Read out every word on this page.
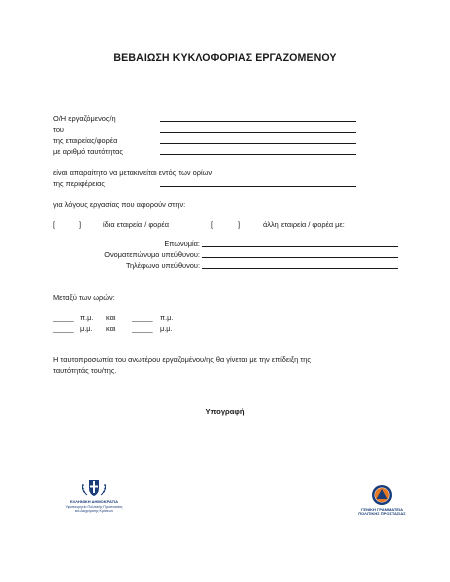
ΒΕΒΑΙΩΣΗ ΚΥΚΛΟΦΟΡΙΑΣ ΕΡΓΑΖΟΜΕΝΟΥ
Ο/Η εργαζόμενος/η
του
της εταιρείας/φορέα
με αριθμό ταυτότητας
είναι απαραίτητο να μετακινείται εντός των ορίων
της περιφέρειας
για λόγους εργασίας που αφορούν στην:
[	]	ίδια εταιρεία / φορέα	[	]	άλλη εταιρεία / φορέα με:
Επωνυμία:
Ονοματεπώνυμο υπεύθυνου:
Τηλέφωνο υπεύθυνου:
Μεταξύ των ωρών:
_____ π.μ. και _____ π.μ.
_____ μ.μ. και _____ μ.μ.
Η ταυτοπροσωπία του ανωτέρου εργαζομένου/ης θα γίνεται με την επίδειξη της
ταυτότητάς του/της.
Υπογραφή
ΕΛΛΗΝΙΚΗ ΔΗΜΟΚΡΑΤΙΑ
Υφυπουργείο Πολιτικής Προστασίας
και Διαχείρισης Κρίσεων	ΓΕΝΙΚΗ ΓΡΑΜΜΑΤΕΙΑ
ΠΟΛΙΤΙΚΗΣ ΠΡΟΣΤΑΣΙΑΣ
